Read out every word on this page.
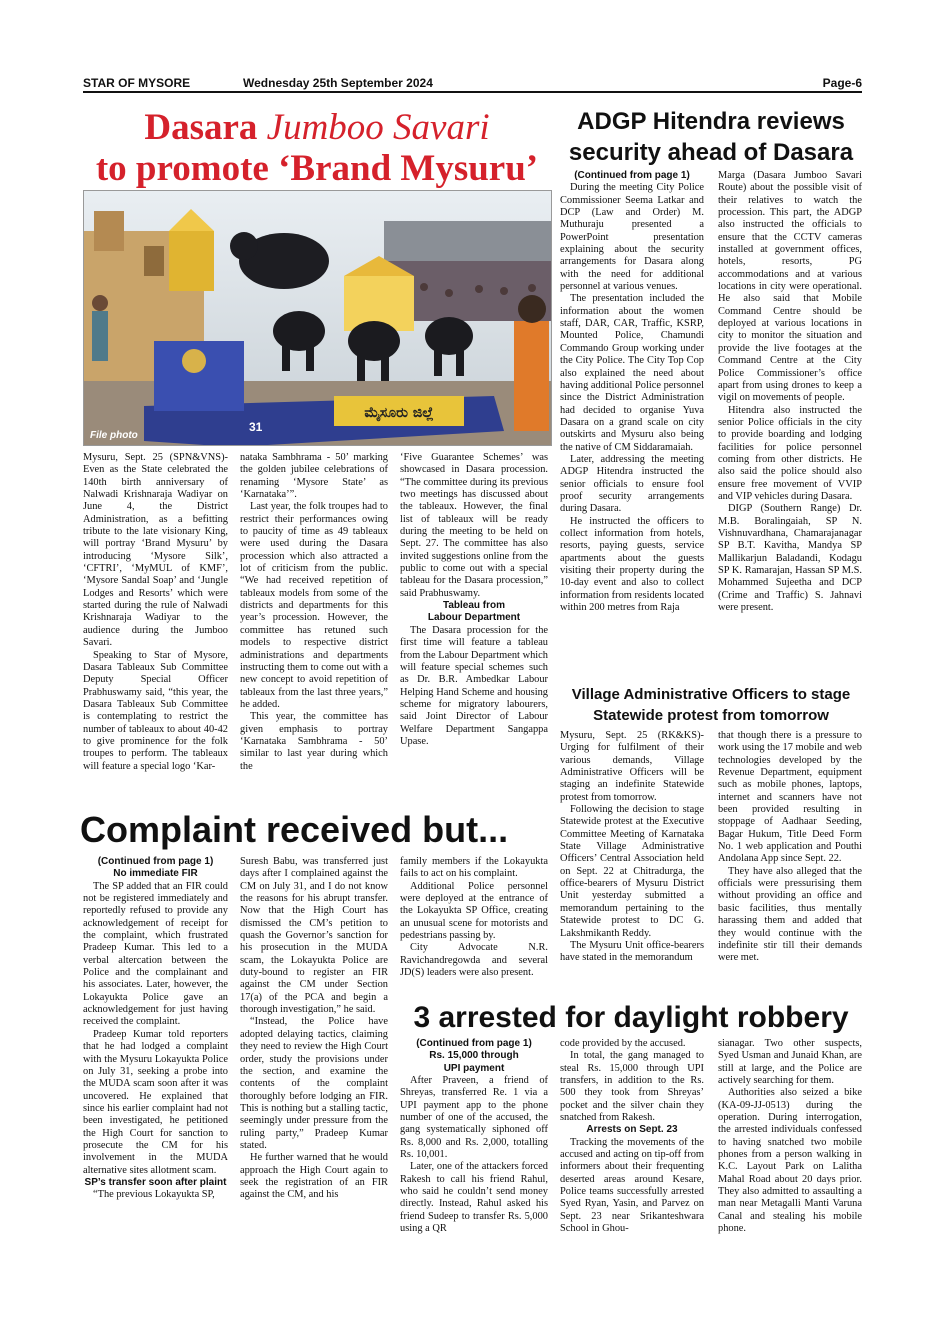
STAR OF MYSORE	Wednesday 25th September 2024	Page-6
Dasara Jumboo Savari
to promote ‘Brand Mysuru’
ಮೈಸೂರು ಜಿಲ್ಲೆ
31
File photo

Mysuru, Sept. 25 (SPN&VNS)- Even as the State celebrated the 140th birth anniversary of Nalwadi Krishnaraja Wadiyar on June 4, the District Administration, as a befitting tribute to the late visionary King, will portray ‘Brand Mysuru’ by introducing ‘Mysore Silk’, ‘CFTRI’, ‘MyMUL of KMF’, ‘Mysore Sandal Soap’ and ‘Jungle Lodges and Resorts’ which were started during the rule of Nalwadi Krishnaraja Wadiyar to the audience during the Jumboo Savari.

Speaking to Star of Mysore, Dasara Tableaux Sub Committee Deputy Special Officer Prabhuswamy said, “this year, the Dasara Tableaux Sub Committee is contemplating to restrict the number of tableaux to about 40-42 to give prominence for the folk troupes to perform. The tableaux will feature a special logo ‘Kar-

nataka Sambhrama - 50’ marking the golden jubilee celebrations of renaming ‘Mysore State’ as ‘Karnataka’”.

Last year, the folk troupes had to restrict their performances owing to paucity of time as 49 tableaux were used during the Dasara procession which also attracted a lot of criticism from the public. “We had received repetition of tableaux models from some of the districts and departments for this year’s procession. However, the committee has retuned such models to respective district administrations and departments instructing them to come out with a new concept to avoid repetition of tableaux from the last three years,” he added.

This year, the committee has given emphasis to portray ‘Karnataka Sambhrama - 50’ similar to last year during which the

‘Five Guarantee Schemes’ was showcased in Dasara procession. “The committee during its previous two meetings has discussed about the tableaux. However, the final list of tableaux will be ready during the meeting to be held on Sept. 27. The committee has also invited suggestions online from the public to come out with a special tableau for the Dasara procession,” said Prabhuswamy.

Tableau from
Labour Department

The Dasara procession for the first time will feature a tableau from the Labour Department which will feature special schemes such as Dr. B.R. Ambedkar Labour Helping Hand Scheme and housing scheme for migratory labourers, said Joint Director of Labour Welfare Department Sangappa Upase.

ADGP Hitendra reviews
security ahead of Dasara
(Continued from page 1)

During the meeting City Police Commissioner Seema Latkar and DCP (Law and Order) M. Muthuraju presented a PowerPoint presentation explaining about the security arrangements for Dasara along with the need for additional personnel at various venues.

The presentation included the information about the women staff, DAR, CAR, Traffic, KSRP, Mounted Police, Chamundi Commando Group working under the City Police. The City Top Cop also explained the need about having additional Police personnel since the District Administration had decided to organise Yuva Dasara on a grand scale on city outskirts and Mysuru also being the native of CM Siddaramaiah.

Later, addressing the meeting ADGP Hitendra instructed the senior officials to ensure fool proof security arrangements during Dasara.

He instructed the officers to collect information from hotels, resorts, paying guests, service apartments about the guests visiting their property during the 10-day event and also to collect information from residents located within 200 metres from Raja

Marga (Dasara Jumboo Savari Route) about the possible visit of their relatives to watch the procession. This part, the ADGP also instructed the officials to ensure that the CCTV cameras installed at government offices, hotels, resorts, PG accommodations and at various locations in city were operational. He also said that Mobile Command Centre should be deployed at various locations in city to monitor the situation and provide the live footages at the Command Centre at the City Police Commissioner’s office apart from using drones to keep a vigil on movements of people.

Hitendra also instructed the senior Police officials in the city to provide boarding and lodging facilities for police personnel coming from other districts. He also said the police should also ensure free movement of VVIP and VIP vehicles during Dasara.

DIGP (Southern Range) Dr. M.B. Boralingaiah, SP N. Vishnuvardhana, Chamarajanagar SP B.T. Kavitha, Mandya SP Mallikarjun Baladandi, Kodagu SP K. Ramarajan, Hassan SP M.S. Mohammed Sujeetha and DCP (Crime and Traffic) S. Jahnavi were present.

Village Administrative Officers to stage
Statewide protest from tomorrow

Mysuru, Sept. 25 (RK&KS)- Urging for fulfilment of their various demands, Village Administrative Officers will be staging an indefinite Statewide protest from tomorrow.

Following the decision to stage Statewide protest at the Executive Committee Meeting of Karnataka State Village Administrative Officers’ Central Association held on Sept. 22 at Chitradurga, the office-bearers of Mysuru District Unit yesterday submitted a memorandum pertaining to the Statewide protest to DC G. Lakshmikanth Reddy.

The Mysuru Unit office-bearers have stated in the memorandum

that though there is a pressure to work using the 17 mobile and web technologies developed by the Revenue Department, equipment such as mobile phones, laptops, internet and scanners have not been provided resulting in stoppage of Aadhaar Seeding, Bagar Hukum, Title Deed Form No. 1 web application and Pouthi Andolana App since Sept. 22.

They have also alleged that the officials were pressurising them without providing an office and basic facilities, thus mentally harassing them and added that they would continue with the indefinite stir till their demands were met.

Complaint received but...
(Continued from page 1)
No immediate FIR

The SP added that an FIR could not be registered immediately and reportedly refused to provide any acknowledgement of receipt for the complaint, which frustrated Pradeep Kumar. This led to a verbal altercation between the Police and the complainant and his associates. Later, however, the Lokayukta Police gave an acknowledgement for just having received the complaint.

Pradeep Kumar told reporters that he had lodged a complaint with the Mysuru Lokayukta Police on July 31, seeking a probe into the MUDA scam soon after it was uncovered. He explained that since his earlier complaint had not been investigated, he petitioned the High Court for sanction to prosecute the CM for his involvement in the MUDA alternative sites allotment scam.

SP’s transfer soon after plaint

“The previous Lokayukta SP,

Suresh Babu, was transferred just days after I complained against the CM on July 31, and I do not know the reasons for his abrupt transfer. Now that the High Court has dismissed the CM’s petition to quash the Governor’s sanction for his prosecution in the MUDA scam, the Lokayukta Police are duty-bound to register an FIR against the CM under Section 17(a) of the PCA and begin a thorough investigation,” he said.

“Instead, the Police have adopted delaying tactics, claiming they need to review the High Court order, study the provisions under the section, and examine the contents of the complaint thoroughly before lodging an FIR. This is nothing but a stalling tactic, seemingly under pressure from the ruling party,” Pradeep Kumar stated.

He further warned that he would approach the High Court again to seek the registration of an FIR against the CM, and his

family members if the Lokayukta fails to act on his complaint.

Additional Police personnel were deployed at the entrance of the Lokayukta SP Office, creating an unusual scene for motorists and pedestrians passing by.

City Advocate N.R. Ravichandregowda and several JD(S) leaders were also present.

3 arrested for daylight robbery
(Continued from page 1)
Rs. 15,000 through
UPI payment

After Praveen, a friend of Shreyas, transferred Re. 1 via a UPI payment app to the phone number of one of the accused, the gang systematically siphoned off Rs. 8,000 and Rs. 2,000, totalling Rs. 10,001.

Later, one of the attackers forced Rakesh to call his friend Rahul, who said he couldn’t send money directly. Instead, Rahul asked his friend Sudeep to transfer Rs. 5,000 using a QR

code provided by the accused.

In total, the gang managed to steal Rs. 15,000 through UPI transfers, in addition to the Rs. 500 they took from Shreyas’ pocket and the silver chain they snatched from Rakesh.

Arrests on Sept. 23

Tracking the movements of the accused and acting on tip-off from informers about their frequenting deserted areas around Kesare, Police teams successfully arrested Syed Ryan, Yasin, and Parvez on Sept. 23 near Srikanteshwara School in Ghou-

sianagar. Two other suspects, Syed Usman and Junaid Khan, are still at large, and the Police are actively searching for them.

Authorities also seized a bike (KA-09-JJ-0513) during the operation. During interrogation, the arrested individuals confessed to having snatched two mobile phones from a person walking in K.C. Layout Park on Lalitha Mahal Road about 20 days prior. They also admitted to assaulting a man near Metagalli Manti Varuna Canal and stealing his mobile phone.
